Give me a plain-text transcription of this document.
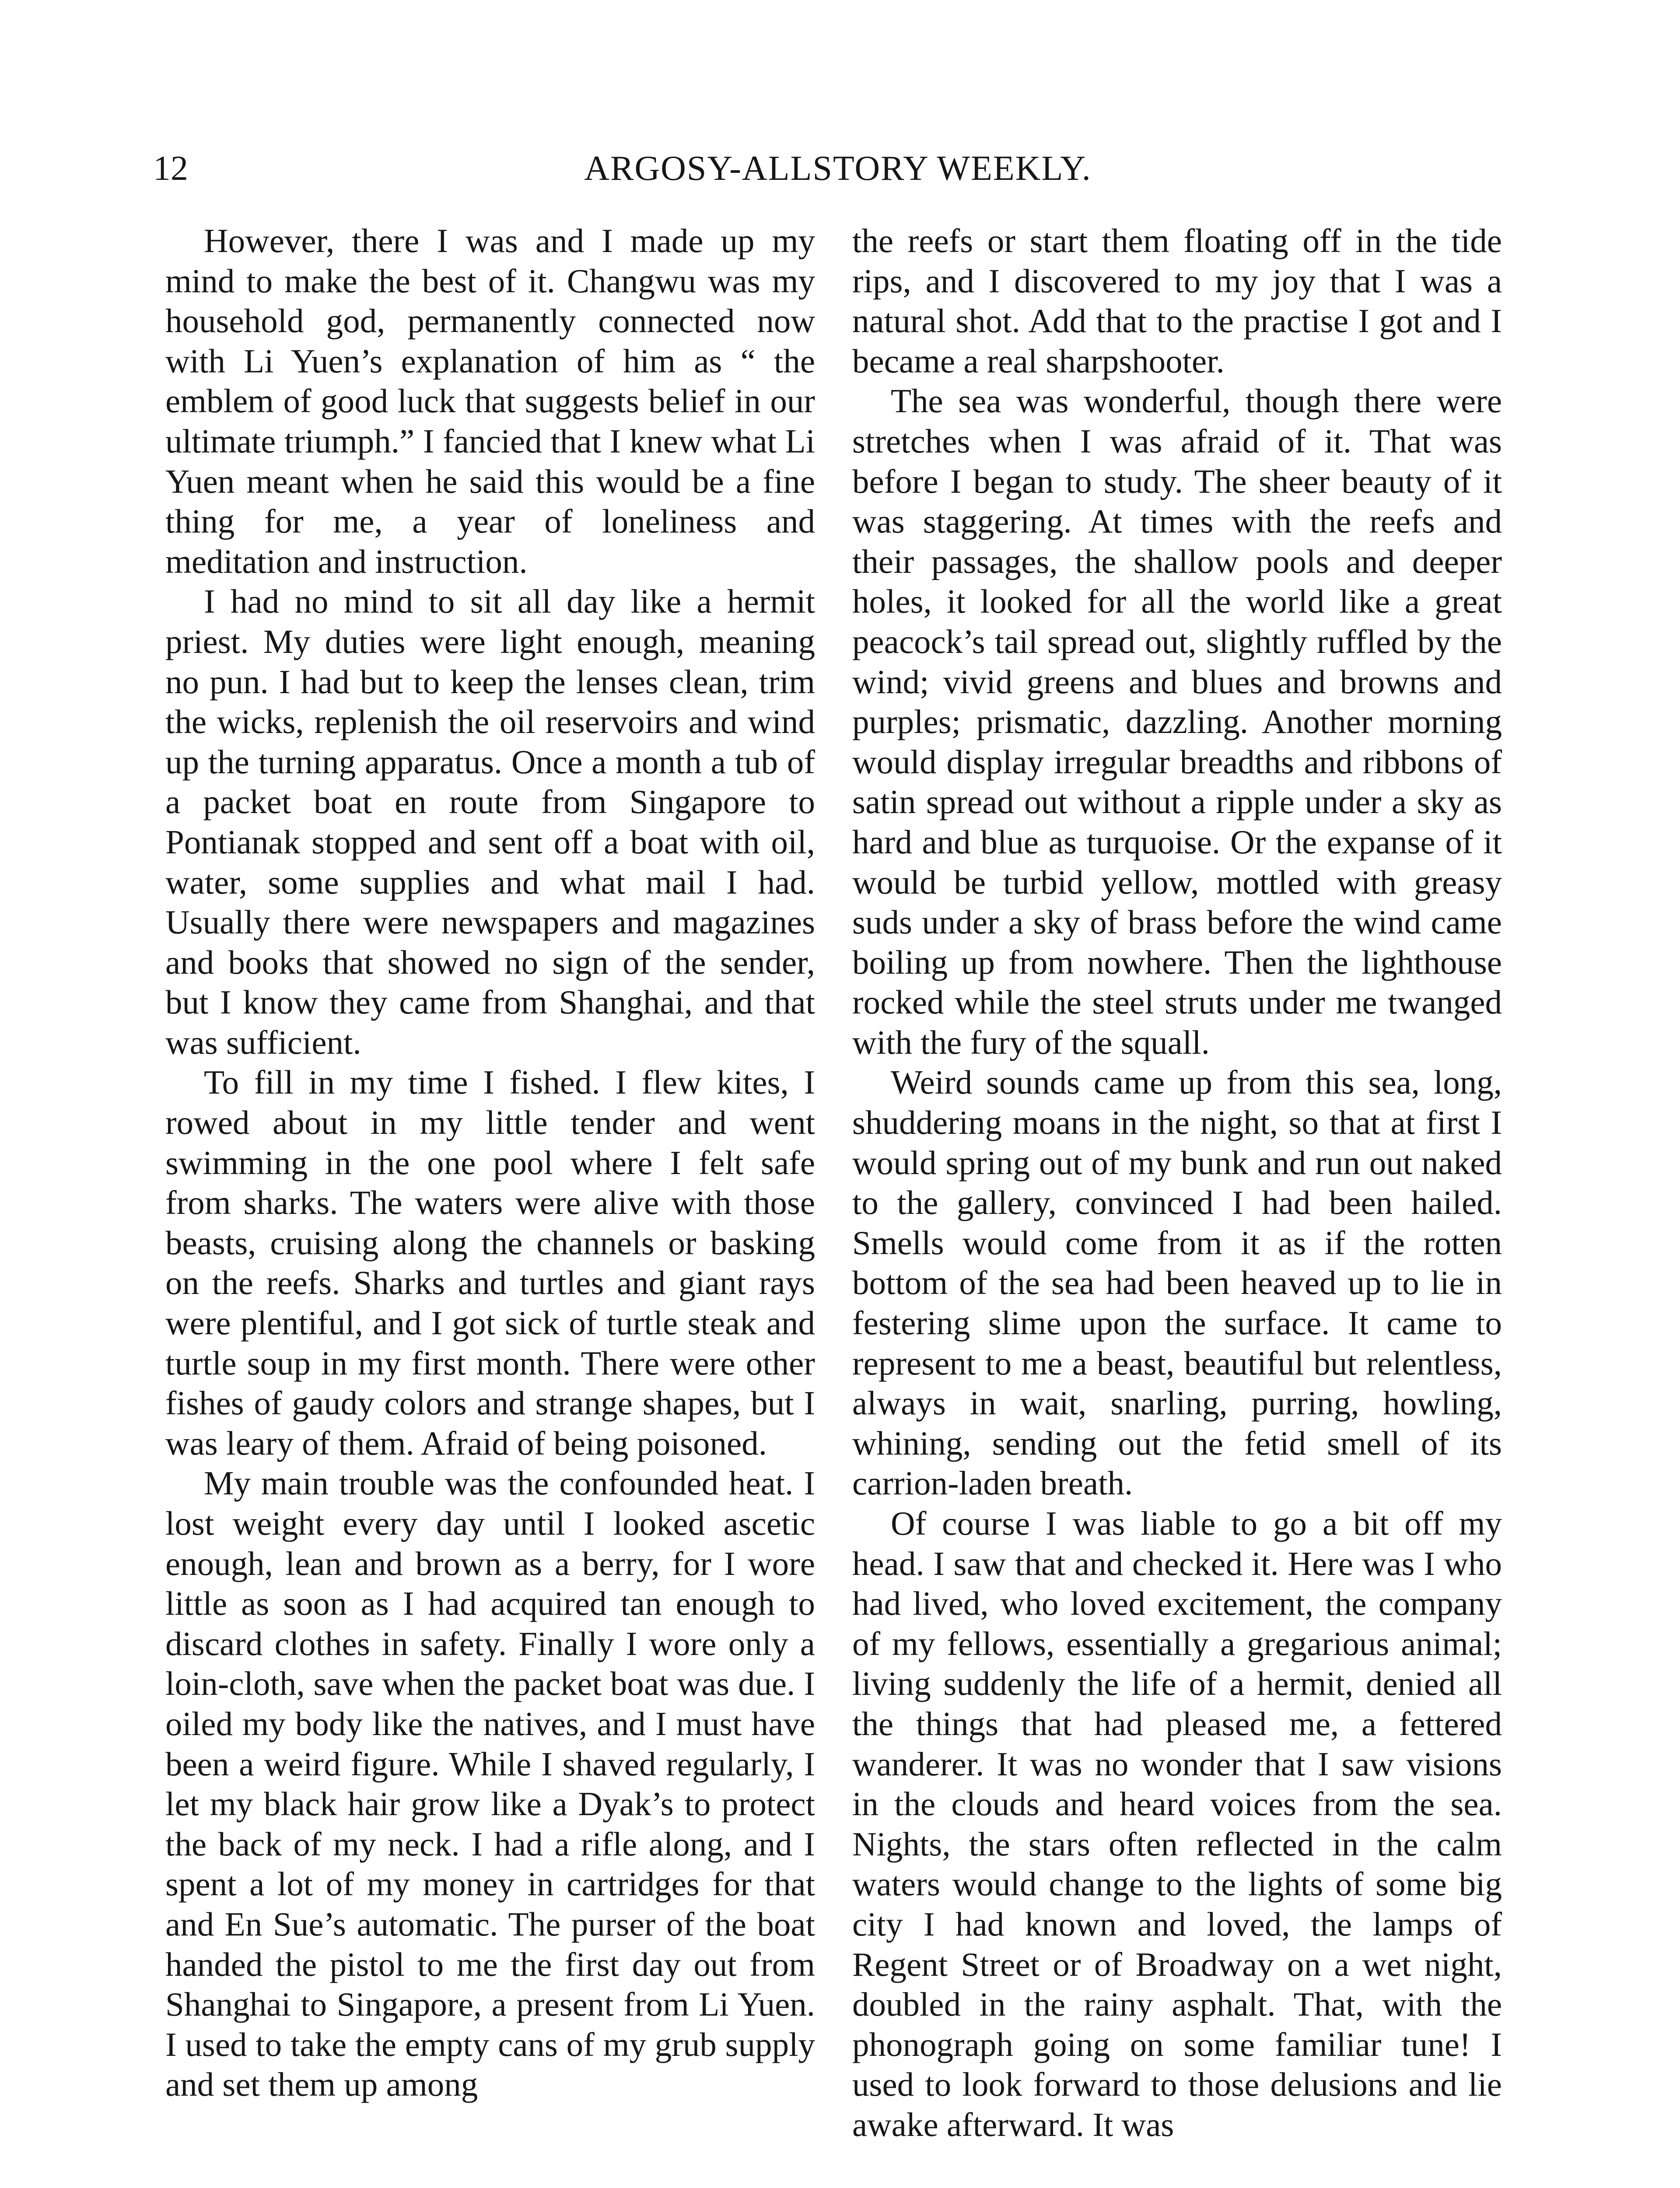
12	ARGOSY-ALLSTORY WEEKLY.

However, there I was and I made up my mind to make the best of it. Changwu was my household god, permanently connected now with Li Yuen’s explanation of him as “ the emblem of good luck that suggests belief in our ultimate triumph.” I fancied that I knew what Li Yuen meant when he said this would be a fine thing for me, a year of loneliness and meditation and instruction.

I had no mind to sit all day like a hermit priest. My duties were light enough, meaning no pun. I had but to keep the lenses clean, trim the wicks, replenish the oil reservoirs and wind up the turning apparatus. Once a month a tub of a packet boat en route from Singapore to Pontianak stopped and sent off a boat with oil, water, some supplies and what mail I had. Usually there were newspapers and magazines and books that showed no sign of the sender, but I know they came from Shanghai, and that was sufficient.

To fill in my time I fished. I flew kites, I rowed about in my little tender and went swimming in the one pool where I felt safe from sharks. The waters were alive with those beasts, cruising along the channels or basking on the reefs. Sharks and turtles and giant rays were plentiful, and I got sick of turtle steak and turtle soup in my first month. There were other fishes of gaudy colors and strange shapes, but I was leary of them. Afraid of being poisoned.

My main trouble was the confounded heat. I lost weight every day until I looked ascetic enough, lean and brown as a berry, for I wore little as soon as I had acquired tan enough to discard clothes in safety. Finally I wore only a loin-cloth, save when the packet boat was due. I oiled my body like the natives, and I must have been a weird figure. While I shaved regularly, I let my black hair grow like a Dyak’s to protect the back of my neck. I had a rifle along, and I spent a lot of my money in cartridges for that and En Sue’s automatic. The purser of the boat handed the pistol to me the first day out from Shanghai to Singapore, a present from Li Yuen. I used to take the empty cans of my grub supply and set them up among

the reefs or start them floating off in the tide rips, and I discovered to my joy that I was a natural shot. Add that to the practise I got and I became a real sharpshooter.

The sea was wonderful, though there were stretches when I was afraid of it. That was before I began to study. The sheer beauty of it was staggering. At times with the reefs and their passages, the shallow pools and deeper holes, it looked for all the world like a great peacock’s tail spread out, slightly ruffled by the wind; vivid greens and blues and browns and purples; prismatic, dazzling. Another morning would display irregular breadths and ribbons of satin spread out without a ripple under a sky as hard and blue as turquoise. Or the expanse of it would be turbid yellow, mottled with greasy suds under a sky of brass before the wind came boiling up from nowhere. Then the lighthouse rocked while the steel struts under me twanged with the fury of the squall.

Weird sounds came up from this sea, long, shuddering moans in the night, so that at first I would spring out of my bunk and run out naked to the gallery, convinced I had been hailed. Smells would come from it as if the rotten bottom of the sea had been heaved up to lie in festering slime upon the surface. It came to represent to me a beast, beautiful but relentless, always in wait, snarling, purring, howling, whining, sending out the fetid smell of its carrion-laden breath.

Of course I was liable to go a bit off my head. I saw that and checked it. Here was I who had lived, who loved excitement, the company of my fellows, essentially a gregarious animal; living suddenly the life of a hermit, denied all the things that had pleased me, a fettered wanderer. It was no wonder that I saw visions in the clouds and heard voices from the sea. Nights, the stars often reflected in the calm waters would change to the lights of some big city I had known and loved, the lamps of Regent Street or of Broadway on a wet night, doubled in the rainy asphalt. That, with the phonograph going on some familiar tune! I used to look forward to those delusions and lie awake afterward. It was
